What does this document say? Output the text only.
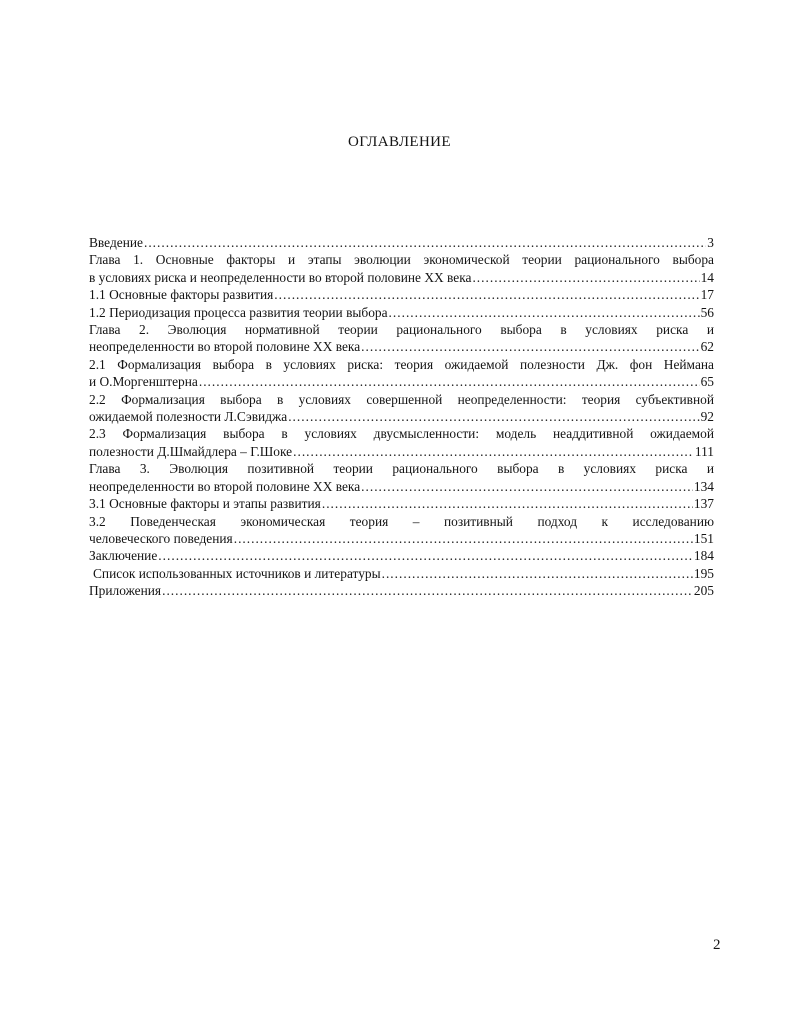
ОГЛАВЛЕНИЕ
Введение .....	3
Глава 1. Основные факторы и этапы эволюции экономической теории рационального выбора
в условиях риска и неопределенности во второй половине XX века .....	14
1.1 Основные факторы развития .....	17
1.2 Периодизация процесса развития теории выбора .....	56
Глава 2. Эволюция нормативной теории рационального выбора в условиях риска и
неопределенности во второй половине XX века .....	62
2.1 Формализация выбора в условиях риска: теория ожидаемой полезности Дж. фон Неймана
и О.Моргенштерна .....	65
2.2 Формализация выбора в условиях совершенной неопределенности: теория субъективной
ожидаемой полезности Л.Сэвиджа .....	92
2.3 Формализация выбора в условиях двусмысленности: модель неаддитивной ожидаемой
полезности Д.Шмайдлера – Г.Шоке .....	111
Глава 3. Эволюция позитивной теории рационального выбора в условиях риска и
неопределенности во второй половине XX века .....	134
3.1 Основные факторы и этапы развития .....	137
3.2 Поведенческая экономическая теория – позитивный подход к исследованию
человеческого поведения .....	151
Заключение .....	184
Список использованных источников и литературы .....	195
Приложения .....	205
2
